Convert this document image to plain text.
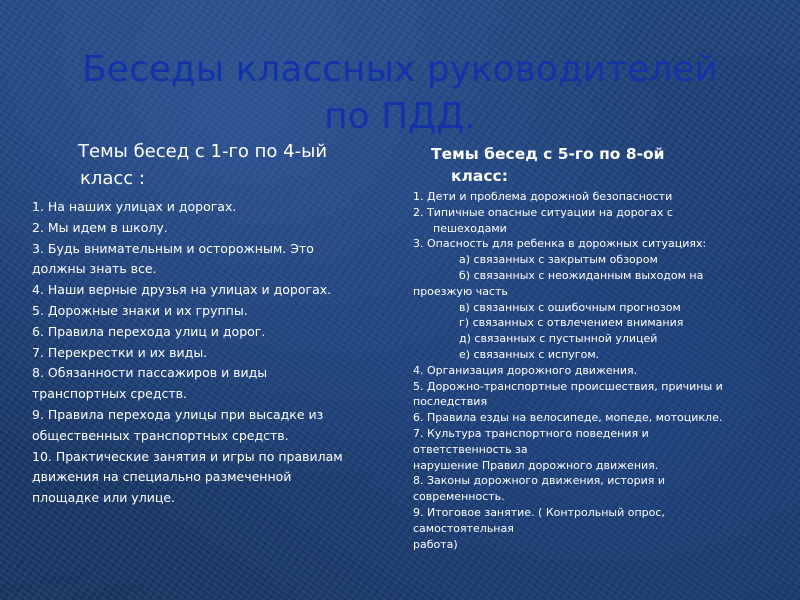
Беседы классных руководителей
по ПДД.
Темы бесед с 1-го по 4-ый
класс :
1. На наших улицах и дорогах.
2. Мы идем в школу.
3. Будь внимательным и осторожным. Это
должны знать все.
4. Наши верные друзья на улицах и дорогах.
5. Дорожные знаки и их группы.
6. Правила перехода улиц и дорог.
7. Перекрестки и их виды.
8. Обязанности пассажиров и виды
транспортных средств.
9. Правила перехода улицы при высадке из
общественных транспортных средств.
10. Практические занятия и игры по правилам
движения на специально размеченной
площадке или улице.
Темы бесед с 5-го по 8-ой
класс:
1. Дети и проблема дорожной безопасности
2. Типичные опасные ситуации на дорогах с
пешеходами
3. Опасность для ребенка в дорожных ситуациях:
а) связанных с закрытым обзором
б) связанных с неожиданным выходом на
проезжую часть
в) связанных с ошибочным прогнозом
г) связанных с отвлечением внимания
д) связанных с пустынной улицей
е) связанных с испугом.
4. Организация дорожного движения.
5. Дорожно-транспортные происшествия, причины и
последствия
6. Правила езды на велосипеде, мопеде, мотоцикле.
7. Культура транспортного поведения и
ответственность за
нарушение Правил дорожного движения.
8. Законы дорожного движения, история и
современность.
9. Итоговое занятие. ( Контрольный опрос,
самостоятельная
работа)
